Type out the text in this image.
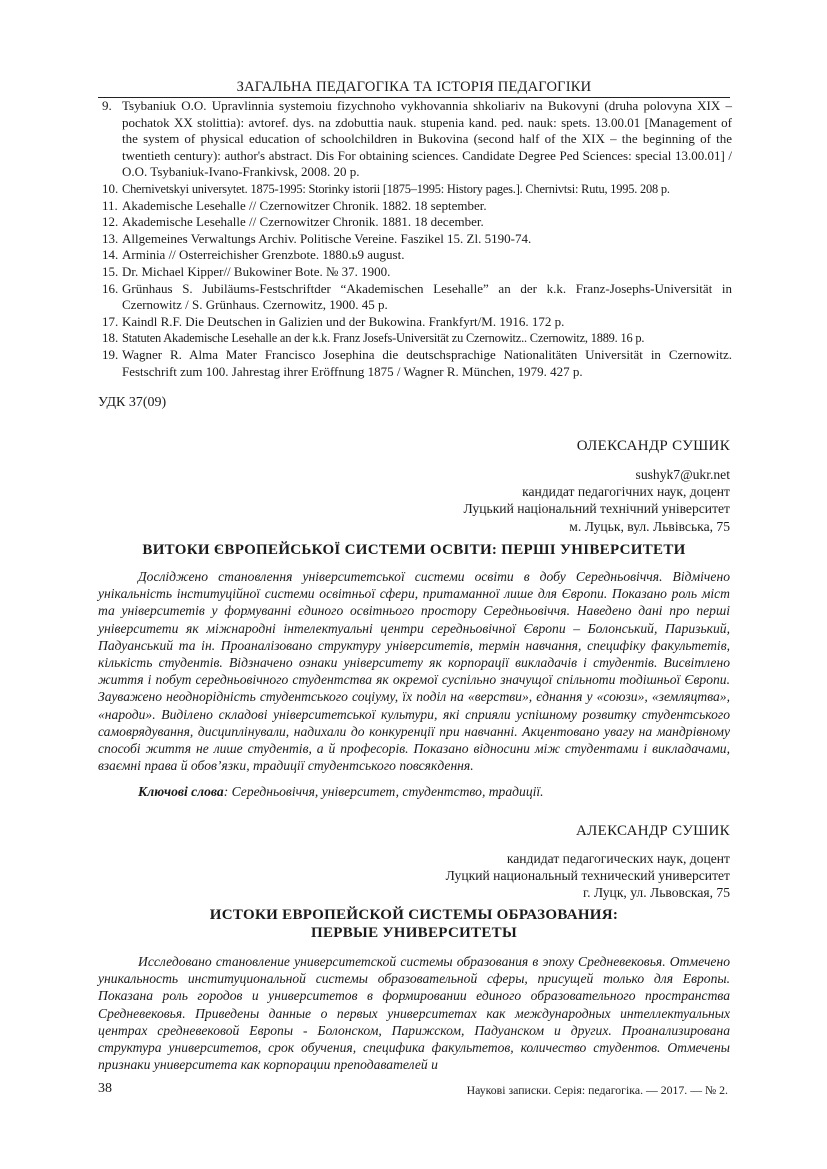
ЗАГАЛЬНА ПЕДАГОГІКА ТА ІСТОРІЯ ПЕДАГОГІКИ
9. Tsybaniuk O.O. Upravlinnia systemoiu fizychnoho vykhovannia shkoliariv na Bukovyni (druha polovyna XIX – pochatok XX stolittia): avtoref. dys. na zdobuttia nauk. stupenia kand. ped. nauk: spets. 13.00.01 [Management of the system of physical education of schoolchildren in Bukovina (second half of the XIX – the beginning of the twentieth century): author's abstract. Dis For obtaining sciences. Candidate Degree Ped Sciences: special 13.00.01] / O.O. Tsybaniuk-Ivano-Frankivsk, 2008. 20 p.
10. Chernivetskyi universytet. 1875-1995: Storinky istorii [1875–1995: History pages.]. Chernivtsi: Rutu, 1995. 208 p.
11. Akademische Lesehalle // Czernowitzer Chronik. 1882. 18 september.
12. Akademische Lesehalle // Czernowitzer Chronik. 1881. 18 december.
13. Allgemeines Verwaltungs Archiv. Politische Vereine. Faszikel 15. Zl. 5190-74.
14. Arminia // Osterreichisher Grenzbote. 1880.ь9 august.
15. Dr. Michael Kipper// Bukowiner Bote. № 37. 1900.
16. Grünhaus S. Jubiläums-Festschriftder “Akademischen Lesehalle” an der k.k. Franz-Josephs-Universität in Czernowitz / S. Grünhaus. Czernowitz, 1900. 45 p.
17. Kaindl R.F. Die Deutschen in Galizien und der Bukowina. Frankfyrt/M. 1916. 172 p.
18. Statuten Akademische Lesehalle an der k.k. Franz Josefs-Universität zu Czernowitz.. Czernowitz, 1889. 16 p.
19. Wagner R. Alma Mater Francisco Josephina die deutschsprachige Nationalitäten Universität in Czernowitz. Festschrift zum 100. Jahrestag ihrer Eröffnung 1875 / Wagner R. München, 1979. 427 p.
УДК 37(09)
ОЛЕКСАНДР СУШИК
sushyk7@ukr.net
кандидат педагогічних наук, доцент
Луцький національний технічний університет
м. Луцьк, вул. Львівська, 75
ВИТОКИ ЄВРОПЕЙСЬКОЇ СИСТЕМИ ОСВІТИ: ПЕРШІ УНІВЕРСИТЕТИ

Досліджено становлення університетської системи освіти в добу Середньовіччя. Відмічено унікальність інституційної системи освітньої сфери, притаманної лише для Європи. Показано роль міст та університетів у формуванні єдиного освітнього простору Середньовіччя. Наведено дані про перші університети як міжнародні інтелектуальні центри середньовічної Європи – Болонський, Паризький, Падуанський та ін. Проаналізовано структуру університетів, термін навчання, специфіку факультетів, кількість студентів. Відзначено ознаки університету як корпорації викладачів і студентів. Висвітлено життя і побут середньовічного студентства як окремої суспільно значущої спільноти тодішньої Європи. Зауважено неоднорідність студентського соціуму, їх поділ на «верстви», єднання у «союзи», «земляцтва», «народи». Виділено складові університетської культури, які сприяли успішному розвитку студентського самоврядування, дисциплінували, надихали до конкуренції при навчанні. Акцентовано увагу на мандрівному способі життя не лише студентів, а й професорів. Показано відносини між студентами і викладачами, взаємні права й обов’язки, традиції студентського повсякдення.

Ключові слова: Середньовіччя, університет, студентство, традиції.
АЛЕКСАНДР СУШИК
кандидат педагогических наук, доцент
Луцкий национальный технический университет
г. Луцк, ул. Львовская, 75
ИСТОКИ ЕВРОПЕЙСКОЙ СИСТЕМЫ ОБРАЗОВАНИЯ:
ПЕРВЫЕ УНИВЕРСИТЕТЫ

Исследовано становление университетской системы образования в эпоху Средневековья. Отмечено уникальность институциональной системы образовательной сферы, присущей только для Европы. Показана роль городов и университетов в формировании единого образовательного пространства Средневековья. Приведены данные о первых университетах как международных интеллектуальных центрах средневековой Европы - Болонском, Парижском, Падуанском и других. Проанализирована структура университетов, срок обучения, специфика факультетов, количество студентов. Отмечены признаки университета как корпорации преподавателей и

38	Наукові записки. Серія: педагогіка. — 2017. — № 2.
